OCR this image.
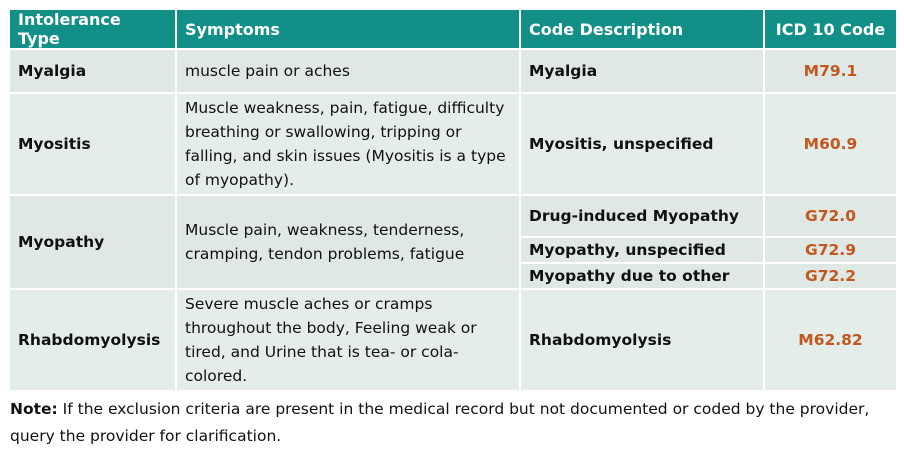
Intolerance Type	Symptoms	Code Description	ICD 10 Code
Myalgia	muscle pain or aches	Myalgia	M79.1
Myositis	Muscle weakness, pain, fatigue, difficulty breathing or swallowing, tripping or falling, and skin issues (Myositis is a type of myopathy).	Myositis, unspecified	M60.9
Myopathy	Muscle pain, weakness, tenderness, cramping, tendon problems, fatigue	Drug-induced Myopathy	G72.0
		Myopathy, unspecified	G72.9
		Myopathy due to other	G72.2
Rhabdomyolysis	Severe muscle aches or cramps throughout the body, Feeling weak or tired, and Urine that is tea- or cola-colored.	Rhabdomyolysis	M62.82
Note: If the exclusion criteria are present in the medical record but not documented or coded by the provider, query the provider for clarification.
